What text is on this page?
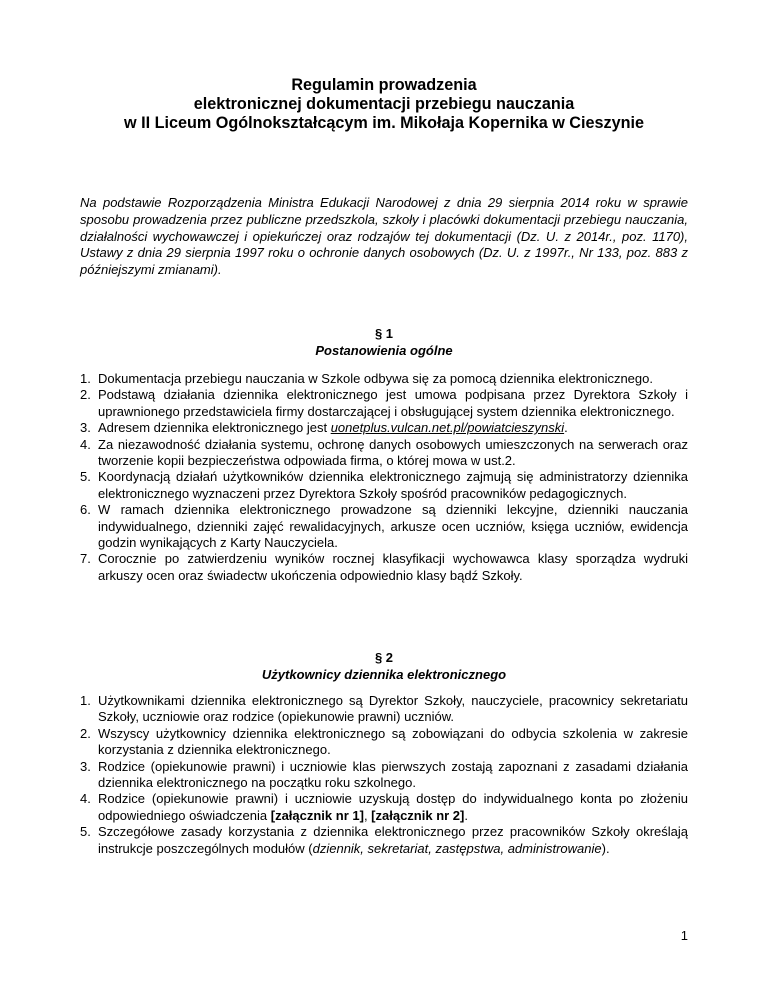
Regulamin prowadzenia
elektronicznej dokumentacji przebiegu nauczania
w II Liceum Ogólnokształcącym im. Mikołaja Kopernika w Cieszynie
Na podstawie Rozporządzenia Ministra Edukacji Narodowej z dnia 29 sierpnia 2014 roku w sprawie sposobu prowadzenia przez publiczne przedszkola, szkoły i placówki dokumentacji przebiegu nauczania, działalności wychowawczej i opiekuńczej oraz rodzajów tej dokumentacji (Dz. U. z 2014r., poz. 1170), Ustawy z dnia 29 sierpnia 1997 roku o ochronie danych osobowych (Dz. U. z 1997r., Nr 133, poz. 883 z późniejszymi zmianami).
§ 1
Postanowienia ogólne
1. Dokumentacja przebiegu nauczania w Szkole odbywa się za pomocą dziennika elektronicznego.
2. Podstawą działania dziennika elektronicznego jest umowa podpisana przez Dyrektora Szkoły i uprawnionego przedstawiciela firmy dostarczającej i obsługującej system dziennika elektronicznego.
3. Adresem dziennika elektronicznego jest uonetplus.vulcan.net.pl/powiatcieszynski.
4. Za niezawodność działania systemu, ochronę danych osobowych umieszczonych na serwerach oraz tworzenie kopii bezpieczeństwa odpowiada firma, o której mowa w ust.2.
5. Koordynacją działań użytkowników dziennika elektronicznego zajmują się administratorzy dziennika elektronicznego wyznaczeni przez Dyrektora Szkoły spośród pracowników pedagogicznych.
6. W ramach dziennika elektronicznego prowadzone są dzienniki lekcyjne, dzienniki nauczania indywidualnego, dzienniki zajęć rewalidacyjnych, arkusze ocen uczniów, księga uczniów, ewidencja godzin wynikających z Karty Nauczyciela.
7. Corocznie po zatwierdzeniu wyników rocznej klasyfikacji wychowawca klasy sporządza wydruki arkuszy ocen oraz świadectw ukończenia odpowiednio klasy bądź Szkoły.
§ 2
Użytkownicy dziennika elektronicznego
1. Użytkownikami dziennika elektronicznego są Dyrektor Szkoły, nauczyciele, pracownicy sekretariatu Szkoły, uczniowie oraz rodzice (opiekunowie prawni) uczniów.
2. Wszyscy użytkownicy dziennika elektronicznego są zobowiązani do odbycia szkolenia w zakresie korzystania z dziennika elektronicznego.
3. Rodzice (opiekunowie prawni) i uczniowie klas pierwszych zostają zapoznani z zasadami działania dziennika elektronicznego na początku roku szkolnego.
4. Rodzice (opiekunowie prawni) i uczniowie uzyskują dostęp do indywidualnego konta po złożeniu odpowiedniego oświadczenia [załącznik nr 1], [załącznik nr 2].
5. Szczegółowe zasady korzystania z dziennika elektronicznego przez pracowników Szkoły określają instrukcje poszczególnych modułów (dziennik, sekretariat, zastępstwa, administrowanie).
1
